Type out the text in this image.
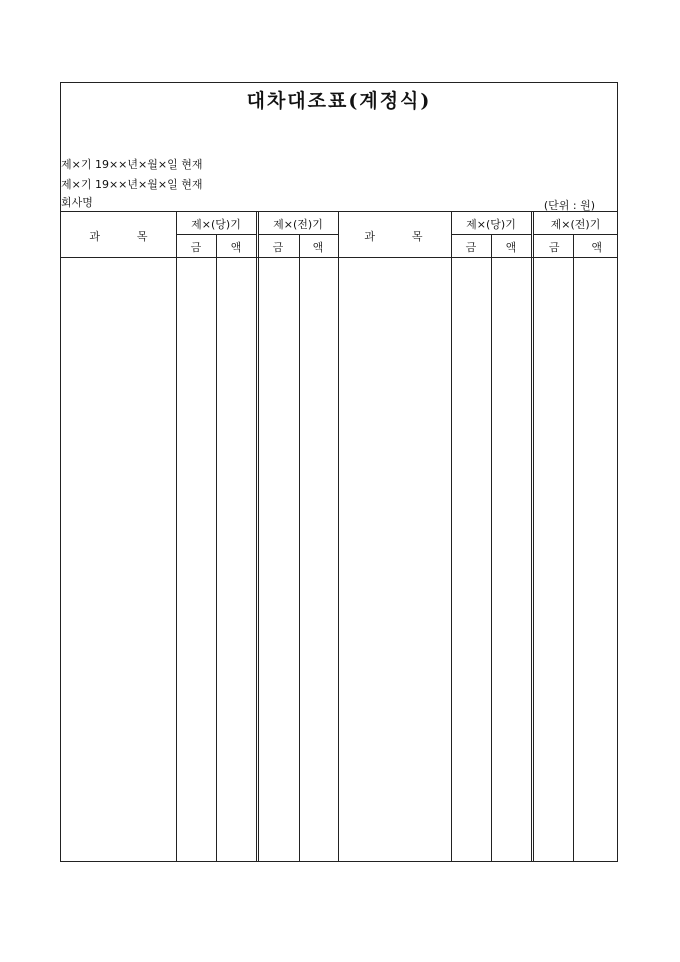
대차대조표(계정식)
제×기 19××년×월×일 현재
제×기 19××년×월×일 현재
회사명	(단위 : 원)
과	목
제×(당)기	제×(전)기
금	액	금	액
과	목
제×(당)기	제×(전)기
금	액	금	액
